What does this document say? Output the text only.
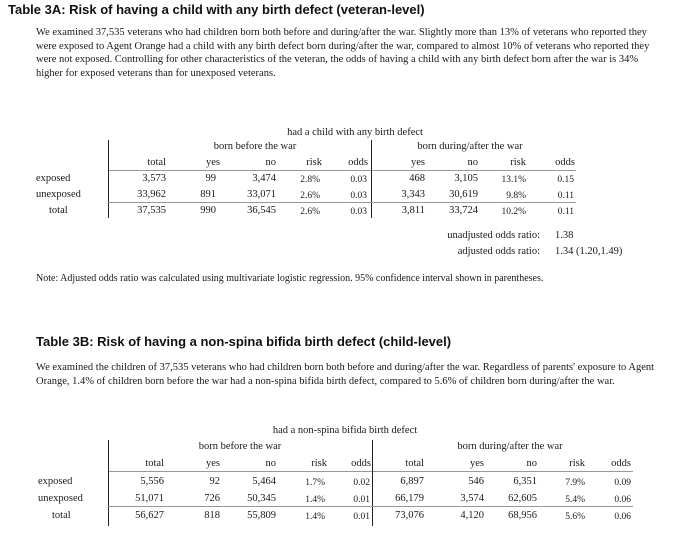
Table 3A: Risk of having a child with any birth defect (veteran-level)
We examined 37,535 veterans who had children born both before and during/after the war. Slightly more than 13% of veterans who reported they were exposed to Agent Orange had a child with any birth defect born during/after the war, compared to almost 10% of veterans who reported they were not exposed. Controlling for other characteristics of the veteran, the odds of having a child with any birth defect born after the war is 34% higher for exposed veterans than for unexposed veterans.
had a child with any birth defect
born before the war	born during/after the war
total	yes	no	risk	odds	yes	no	risk	odds
exposed	3,573	99	3,474	2.8%	0.03	468	3,105	13.1%	0.15
unexposed	33,962	891	33,071	2.6%	0.03	3,343	30,619	9.8%	0.11
total	37,535	990	36,545	2.6%	0.03	3,811	33,724	10.2%	0.11
unadjusted odds ratio: 1.38
adjusted odds ratio: 1.34 (1.20,1.49)
Note: Adjusted odds ratio was calculated using multivariate logistic regression. 95% confidence interval shown in parentheses.
Table 3B: Risk of having a non-spina bifida birth defect (child-level)
We examined the children of 37,535 veterans who had children born both before and during/after the war. Regardless of parents' exposure to Agent Orange, 1.4% of children born before the war had a non-spina bifida birth defect, compared to 5.6% of children born during/after the war.
had a non-spina bifida birth defect
born before the war	born during/after the war
total	yes	no	risk	odds	total	yes	no	risk	odds
exposed	5,556	92	5,464	1.7%	0.02	6,897	546	6,351	7.9%	0.09
unexposed	51,071	726	50,345	1.4%	0.01	66,179	3,574	62,605	5.4%	0.06
total	56,627	818	55,809	1.4%	0.01	73,076	4,120	68,956	5.6%	0.06
